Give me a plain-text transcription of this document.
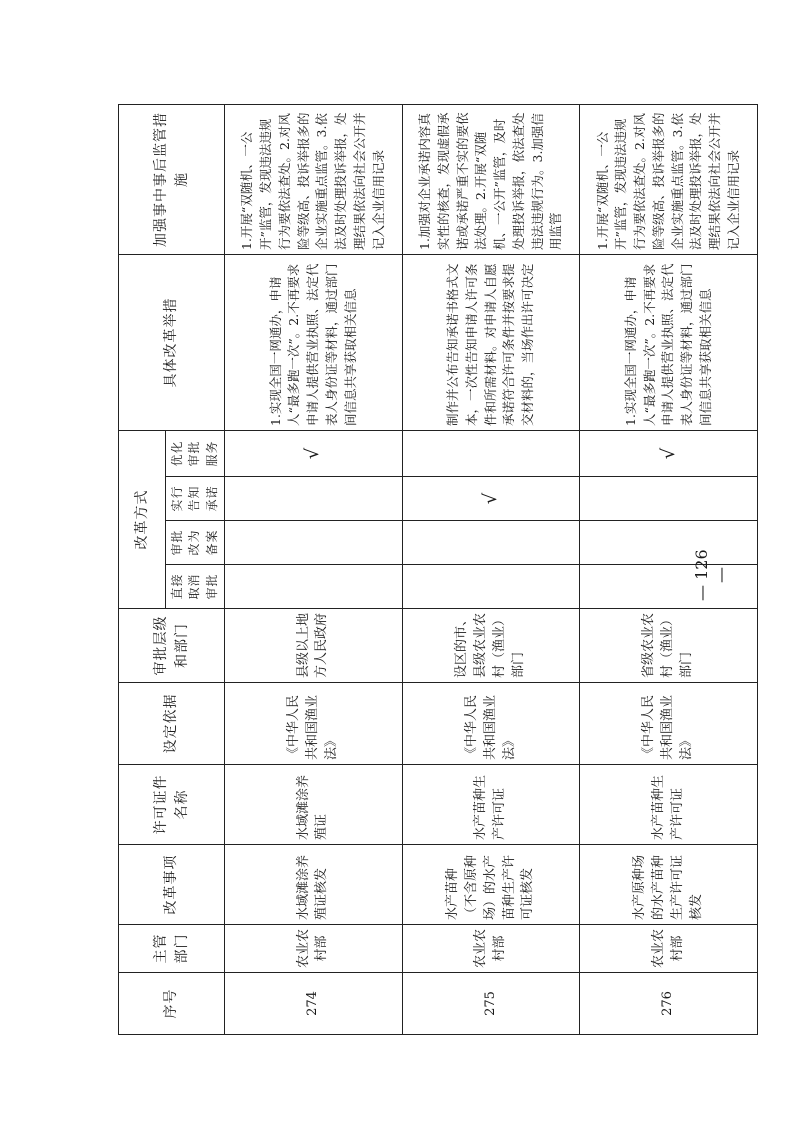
序号	主管部门	改革事项	许可证件名称	设定依据	审批层级和部门	改革方式				具体改革举措	加强事中事后监管措施
						直接取消审批	审批改为备案	实行告知承诺	优化审批服务		
274	农业农村部	水域滩涂养殖证核发	水域滩涂养殖证	《中华人民共和国渔业法》	县级以上地方人民政府				√	1.实现全国一网通办，申请人“最多跑一次”。2.不再要求申请人提供营业执照、法定代表人身份证等材料，通过部门间信息共享获取相关信息	1.开展“双随机、一公开”监管，发现违法违规行为要依法查处。2.对风险等级高、投诉举报多的企业实施重点监管。3.依法及时处理投诉举报，处理结果依法向社会公开并记入企业信用记录
275	农业农村部	水产苗种（不含原种场）的水产苗种生产许可证核发	水产苗种生产许可证	《中华人民共和国渔业法》	设区的市、县级农业农村（渔业）部门			√		制作并公布告知承诺书格式文本，一次性告知申请人许可条件和所需材料。对申请人自愿承诺符合许可条件并按要求提交材料的，当场作出许可决定	1.加强对企业承诺内容真实性的核查，发现虚假承诺或承诺严重不实的要依法处理。2.开展“双随机、一公开”监管，及时处理投诉举报，依法查处违法违规行为。3.加强信用监管
276	农业农村部	水产原种场的水产苗种生产许可证核发	水产苗种生产许可证	《中华人民共和国渔业法》	省级农业农村（渔业）部门				√	1.实现全国一网通办，申请人“最多跑一次”。2.不再要求申请人提供营业执照、法定代表人身份证等材料，通过部门间信息共享获取相关信息	1.开展“双随机、一公开”监管，发现违法违规行为要依法查处。2.对风险等级高、投诉举报多的企业实施重点监管。3.依法及时处理投诉举报，处理结果依法向社会公开并记入企业信用记录
— 126 —
